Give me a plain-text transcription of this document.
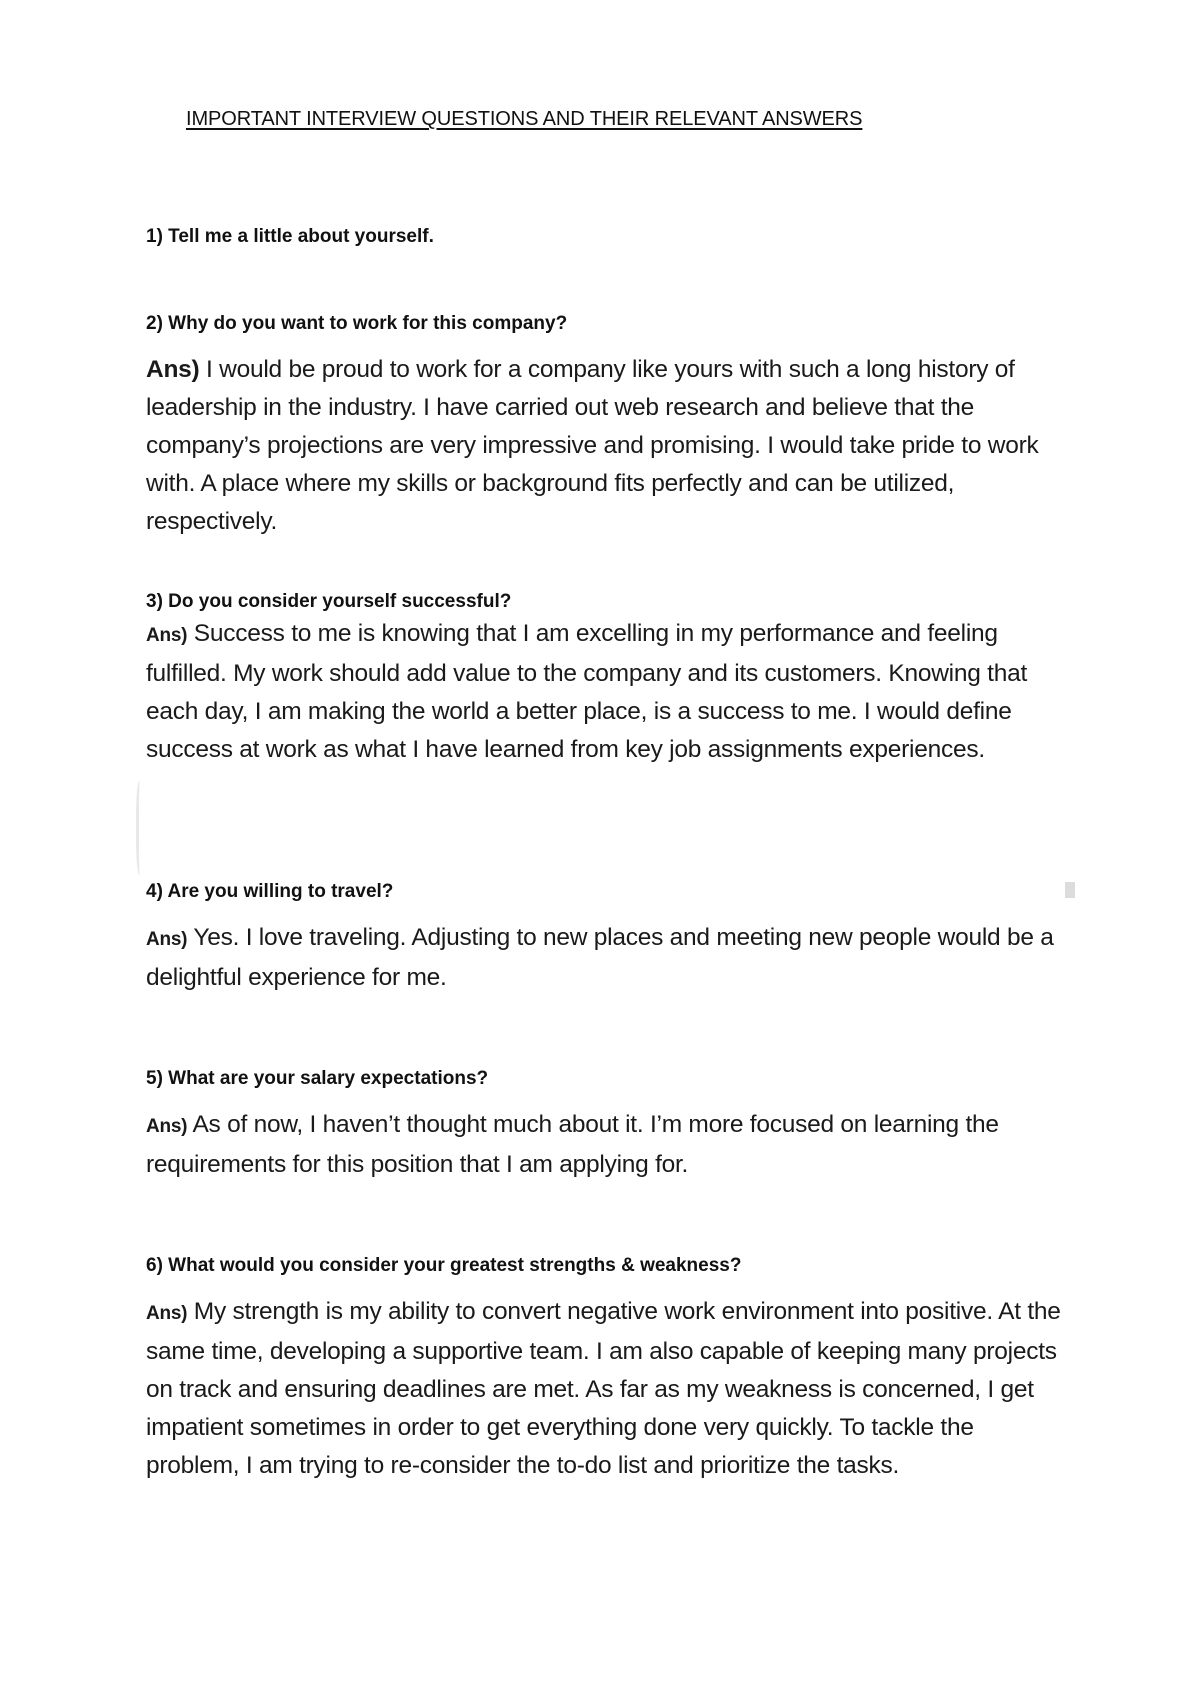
IMPORTANT INTERVIEW QUESTIONS AND THEIR RELEVANT ANSWERS
1) Tell me a little about yourself.
2) Why do you want to work for this company?
Ans) I would be proud to work for a company like yours with such a long history of leadership in the industry. I have carried out web research and believe that the company’s projections are very impressive and promising. I would take pride to work with. A place where my skills or background fits perfectly and can be utilized, respectively.
3) Do you consider yourself successful?
Ans) Success to me is knowing that I am excelling in my performance and feeling fulfilled. My work should add value to the company and its customers. Knowing that each day, I am making the world a better place, is a success to me. I would define success at work as what I have learned from key job assignments experiences.
4) Are you willing to travel?
Ans) Yes. I love traveling. Adjusting to new places and meeting new people would be a delightful experience for me.
5) What are your salary expectations?
Ans) As of now, I haven’t thought much about it. I’m more focused on learning the requirements for this position that I am applying for.
6) What would you consider your greatest strengths & weakness?
Ans) My strength is my ability to convert negative work environment into positive. At the same time, developing a supportive team. I am also capable of keeping many projects on track and ensuring deadlines are met. As far as my weakness is concerned, I get impatient sometimes in order to get everything done very quickly. To tackle the problem, I am trying to re-consider the to-do list and prioritize the tasks.
